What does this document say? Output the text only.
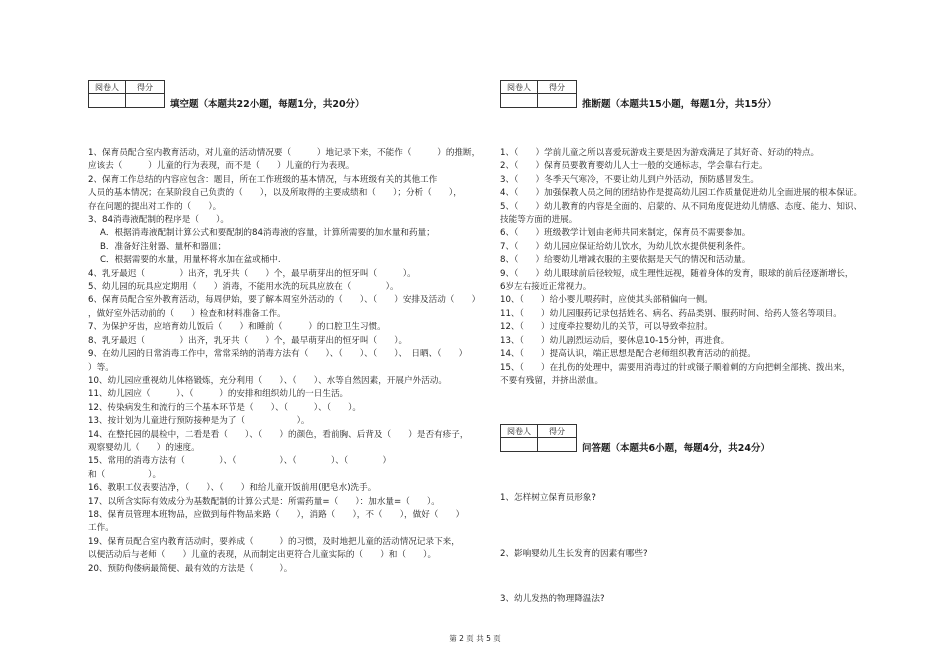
阅卷人	得分

填空题（本题共22小题，每题1分，共20分）
1、保育员配合室内教育活动，对儿童的活动情况要（　　　）地记录下来，不能作（　　　）的推断，
应该去（　　　）儿童的行为表现，而不是（　　）儿童的行为表现。
2、保育工作总结的内容应包含：题目，所在工作班级的基本情况，与本班级有关的其他工作
人员的基本情况；在某阶段自己负责的（　　），以及所取得的主要成绩和（　　）；分析（　　），
存在问题的提出对工作的（　　）。
3、84消毒液配制的程序是（　　）。
A．根据消毒液配制计算公式和要配制的84消毒液的容量，计算所需要的加水量和药量；
B．准备好注射器、量杯和器皿；
C．根据需要的水量，用量杯将水加在盆或桶中.
4、乳牙最迟（　　　　）出齐，乳牙共（　　）个，最早萌芽出的恒牙叫（　　　）。
5、幼儿园的玩具应定期用（　　）消毒，不能用水洗的玩具应放在（　　　　）。
6、保育员配合室外教育活动，每周伊始，要了解本周室外活动的（　　）、（　　）安排及活动（　　）
，做好室外活动前的（　　）检查和材料准备工作。
7、为保护牙齿，应培育幼儿饭后（　　）和睡前（　　　）的口腔卫生习惯。
8、乳牙最迟（　　　　）出齐，乳牙共（　　）个，最早萌芽出的恒牙叫（　　）。
9、在幼儿园的日常消毒工作中，常常采纳的消毒方法有（　　）、（　　）、（　　）、　日晒、（　　）
）等。
10、幼儿园应重视幼儿体格锻炼，充分利用（　　）、（　　）、水等自然因素，开展户外活动。
11、幼儿园应（　　　）、（　　　）的安排和组织幼儿的一日生活。
12、传染病发生和流行的三个基本环节是（　　）、（　　　）、（　　）。
13、按计划为儿童进行预防接种是为了（　　　　　　）。
14、在整托园的晨检中，二看是看（　　）、（　　）的颜色，看前胸、后背及（　　）是否有疹子，
观察婴幼儿（　　）的速度。
15、常用的消毒方法有（　　　　）、（　　　　　）、（　　　　）、（　　　　）
和（　　　　　）。
16、教职工仪表要洁净，（　　）、（　　）和给儿童开饭前用(肥皂水)洗手。
17、以所含实际有效成分为基数配制的计算公式是：所需药量=（　　）：加水量=（　　）。
18、保育员管理本班物品，应做到每件物品来路（　　），消路（　　），不（　　），做好（　　）
工作。
19、保育员配合室内教育活动时，要养成（　　　）的习惯，及时地把儿童的活动情况记录下来，
以便活动后与老师（　　）儿童的表现，从而制定出更符合儿童实际的（　　）和（　　）。
20、预防佝偻病最简便、最有效的方法是（　　　）。
阅卷人	得分

推断题（本题共15小题，每题1分，共15分）
1、（　　）学前儿童之所以喜爱玩游戏主要是因为游戏满足了其好奇、好动的特点。
2、（　　）保育员要教育婴幼儿人士一般的交通标志，学会靠右行走。
3、（　　）冬季天气寒冷，不要让幼儿到户外活动，预防感冒发生。
4、（　　）加强保教人员之间的团结协作是提高幼儿园工作质量促进幼儿全面进展的根本保证。
5、（　　）幼儿教育的内容是全面的、启蒙的、从不同角度促进幼儿情感、态度、能力、知识、
技能等方面的进展。
6、（　　）班级教学计划由老师共同来制定，保育员不需要参加。
7、（　　）幼儿园应保证给幼儿饮水，为幼儿饮水提供便利条件。
8、（　　）给婴幼儿增减衣服的主要依据是天气的情况和活动量。
9、（　　）幼儿眼球前后径较短，成生理性远视，随着身体的发育，眼球的前后径逐渐增长，
6岁左右接近正常视力。
10、（　　）给小婴儿喂药时，应使其头部稍偏向一侧。
11、（　　）幼儿园服药记录包括姓名、病名、药品类别、服药时间、给药人签名等项目。
12、（　　）过度牵拉婴幼儿的关节，可以导致牵拉肘。
13、（　　）幼儿剧烈运动后，要休息10-15分钟，再进食。
14、（　　）提高认识，端正思想是配合老师组织教育活动的前提。
15、（　　）在扎伤的处理中，需要用消毒过的针或镊子顺着刺的方向把刺全部挑、拨出来，
不要有残留，并挤出淤血。
阅卷人	得分

问答题（本题共6小题，每题4分，共24分）
1、怎样树立保育员形象?
2、影响婴幼儿生长发育的因素有哪些?
3、幼儿发热的物理降温法?
第 2 页 共 5 页
